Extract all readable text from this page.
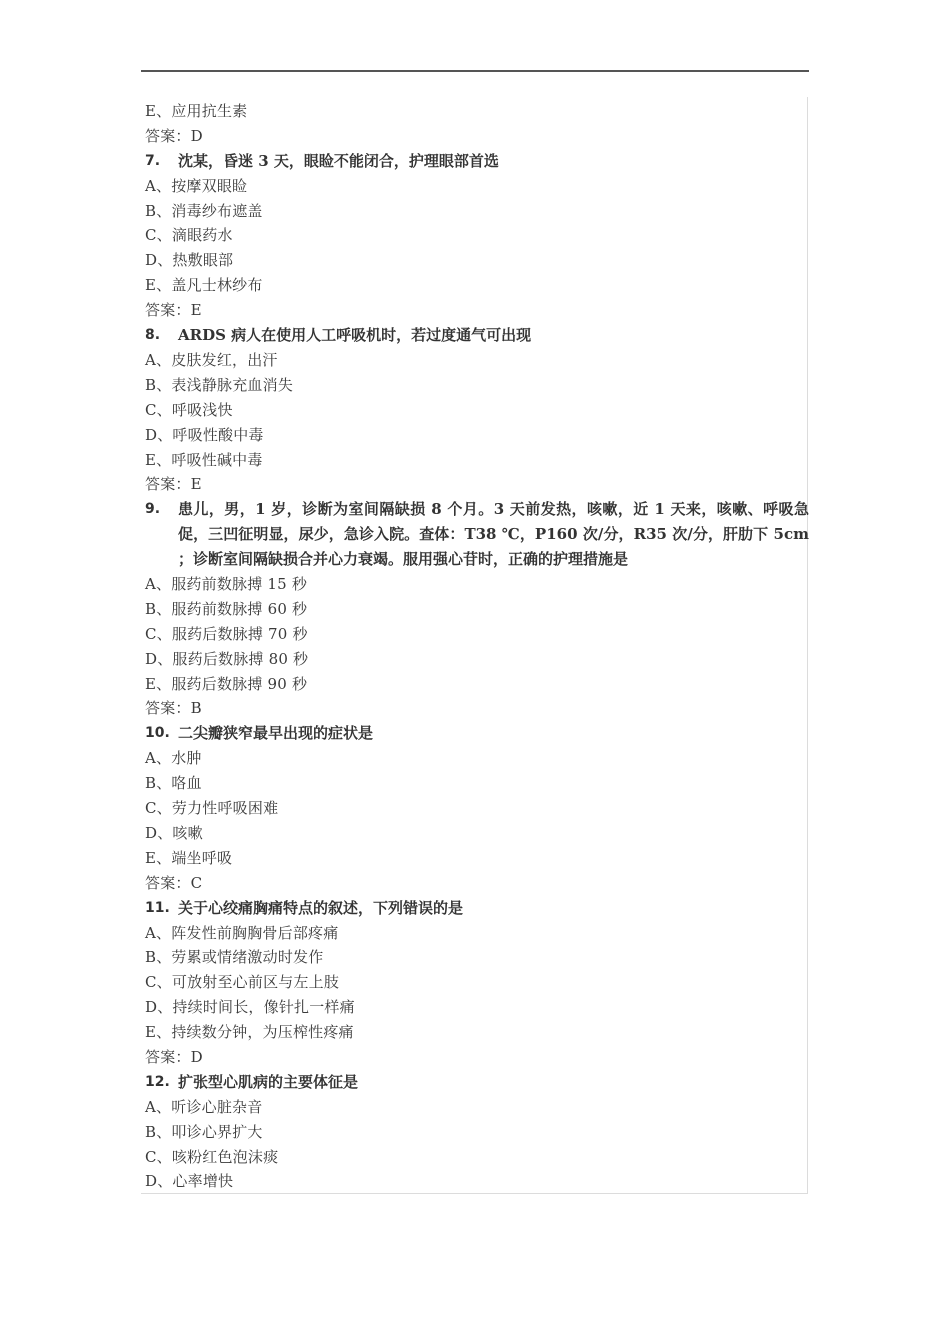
E、应用抗生素
答案：D
7.	沈某，昏迷 3 天，眼睑不能闭合，护理眼部首选
A、按摩双眼睑
B、消毒纱布遮盖
C、滴眼药水
D、热敷眼部
E、盖凡士林纱布
答案：E
8.	ARDS 病人在使用人工呼吸机时，若过度通气可出现
A、皮肤发红，出汗
B、表浅静脉充血消失
C、呼吸浅快
D、呼吸性酸中毒
E、呼吸性碱中毒
答案：E
9.	患儿，男，1 岁，诊断为室间隔缺损 8 个月。3 天前发热，咳嗽，近 1 天来，咳嗽、呼吸急促，三凹征明显，尿少，急诊入院。查体：T38 ℃，P160 次/分，R35 次/分，肝肋下 5cm ；诊断室间隔缺损合并心力衰竭。服用强心苷时，正确的护理措施是
A、服药前数脉搏 15 秒
B、服药前数脉搏 60 秒
C、服药后数脉搏 70 秒
D、服药后数脉搏 80 秒
E、服药后数脉搏 90 秒
答案：B
10. 二尖瓣狭窄最早出现的症状是
A、水肿
B、咯血
C、劳力性呼吸困难
D、咳嗽
E、端坐呼吸
答案：C
11. 关于心绞痛胸痛特点的叙述，下列错误的是
A、阵发性前胸胸骨后部疼痛
B、劳累或情绪激动时发作
C、可放射至心前区与左上肢
D、持续时间长，像针扎一样痛
E、持续数分钟，为压榨性疼痛
答案：D
12. 扩张型心肌病的主要体征是
A、听诊心脏杂音
B、叩诊心界扩大
C、咳粉红色泡沫痰
D、心率增快
